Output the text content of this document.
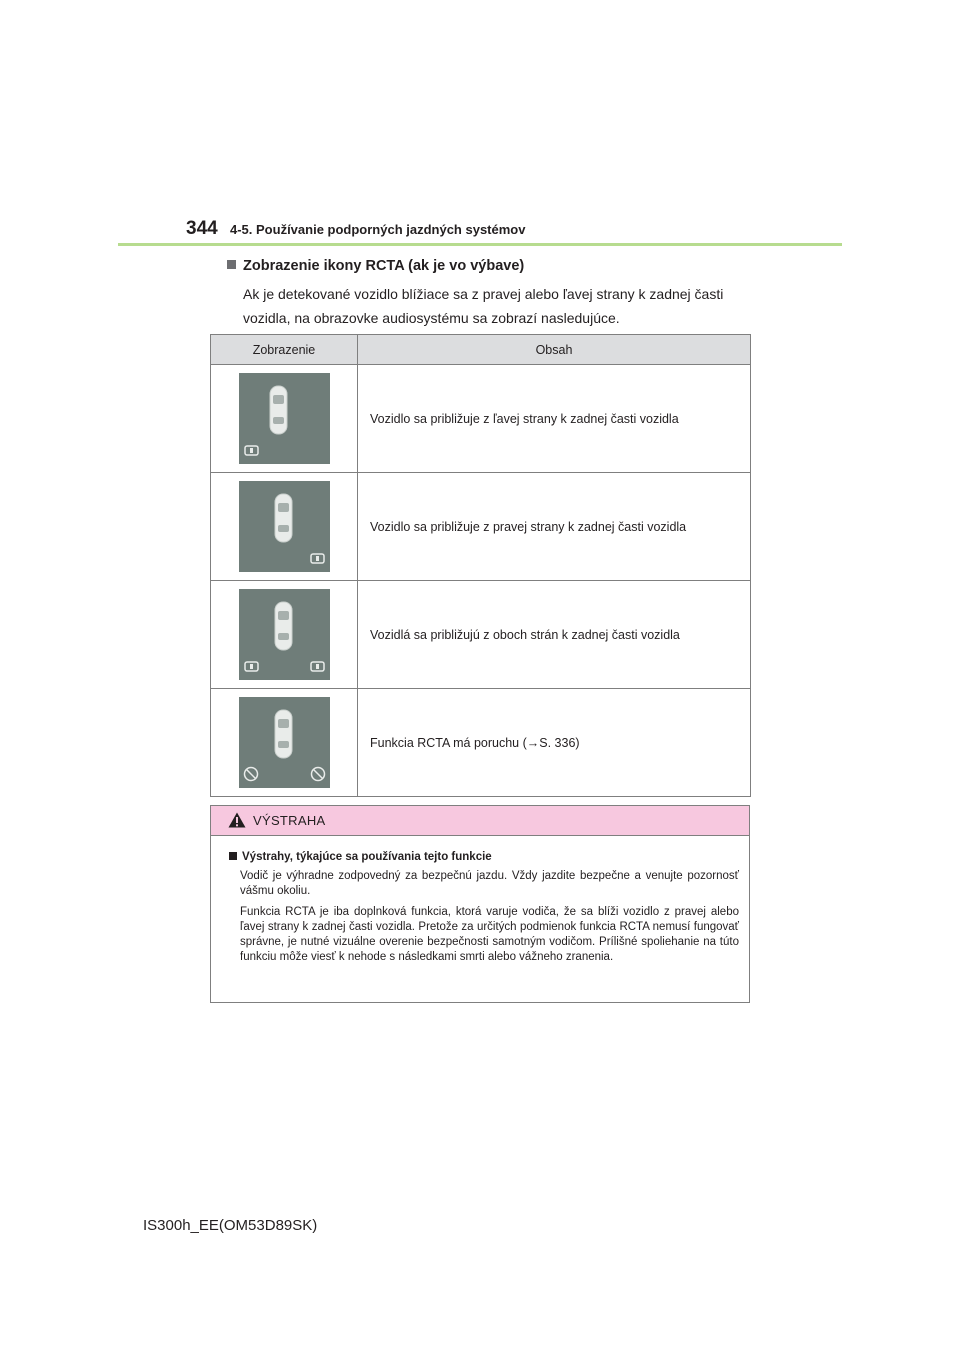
344 4-5. Používanie podporných jazdných systémov
Zobrazenie ikony RCTA (ak je vo výbave)
Ak je detekované vozidlo blížiace sa z pravej alebo ľavej strany k zadnej časti vozidla, na obrazovke audiosystému sa zobrazí nasledujúce.
Zobrazenie	Obsah

	Vozidlo sa približuje z ľavej strany k zadnej časti vozidla

	Vozidlo sa približuje z pravej strany k zadnej časti vozidla

	Vozidlá sa približujú z oboch strán k zadnej časti vozidla

	Funkcia RCTA má poruchu (→S. 336)
VÝSTRAHA
Výstrahy, týkajúce sa používania tejto funkcie

Vodič je výhradne zodpovedný za bezpečnú jazdu. Vždy jazdite bezpečne a venujte pozornosť vášmu okoliu.

Funkcia RCTA je iba doplnková funkcia, ktorá varuje vodiča, že sa blíži vozidlo z pravej alebo ľavej strany k zadnej časti vozidla. Pretože za určitých podmienok funkcia RCTA nemusí fungovať správne, je nutné vizuálne overenie bezpečnosti samotným vodičom. Prílišné spoliehanie na túto funkciu môže viesť k nehode s následkami smrti alebo vážneho zranenia.

IS300h_EE(OM53D89SK)
